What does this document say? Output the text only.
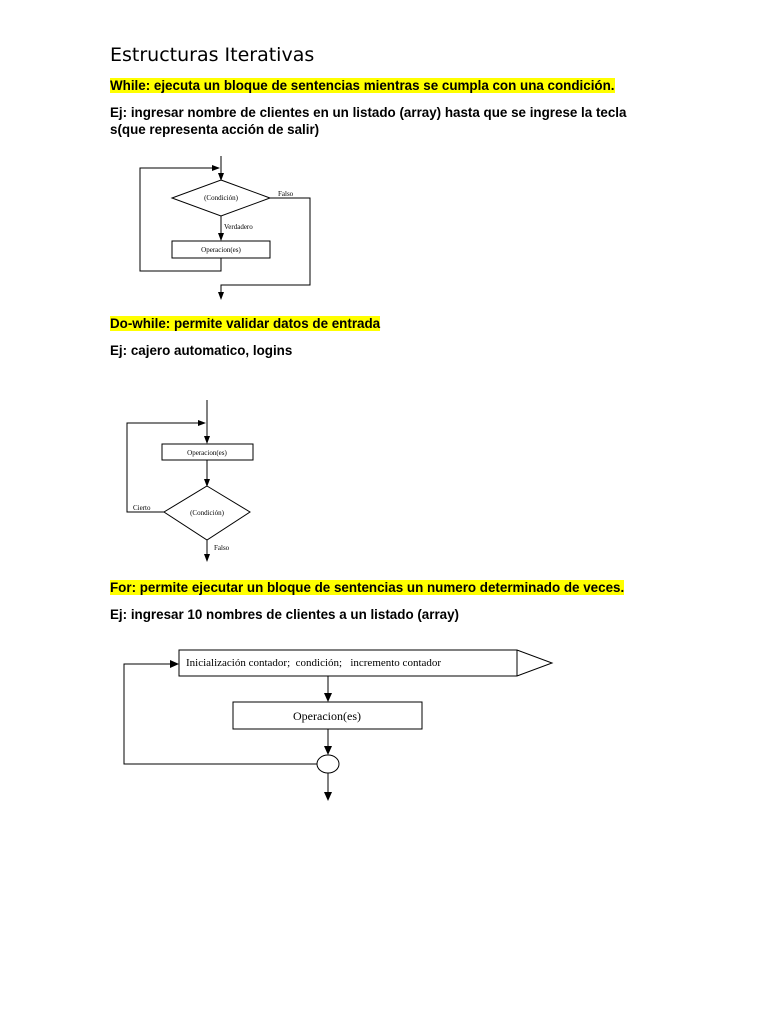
Estructuras Iterativas

While: ejecuta un bloque de sentencias mientras se cumpla con una condición.

Ej: ingresar nombre de clientes en un listado (array) hasta que se ingrese la tecla
s(que representa acción de salir)

(Condición)	Falso
Verdadero
Operacion(es)

Do-while: permite validar datos de entrada

Ej: cajero automatico, logins

Operacion(es)
(Condición)
Cierto
Falso

For: permite ejecutar un bloque de sentencias un numero determinado de veces.

Ej: ingresar 10 nombres de clientes a un listado (array)

Inicialización contador;  condición;   incremento contador
Operacion(es)
